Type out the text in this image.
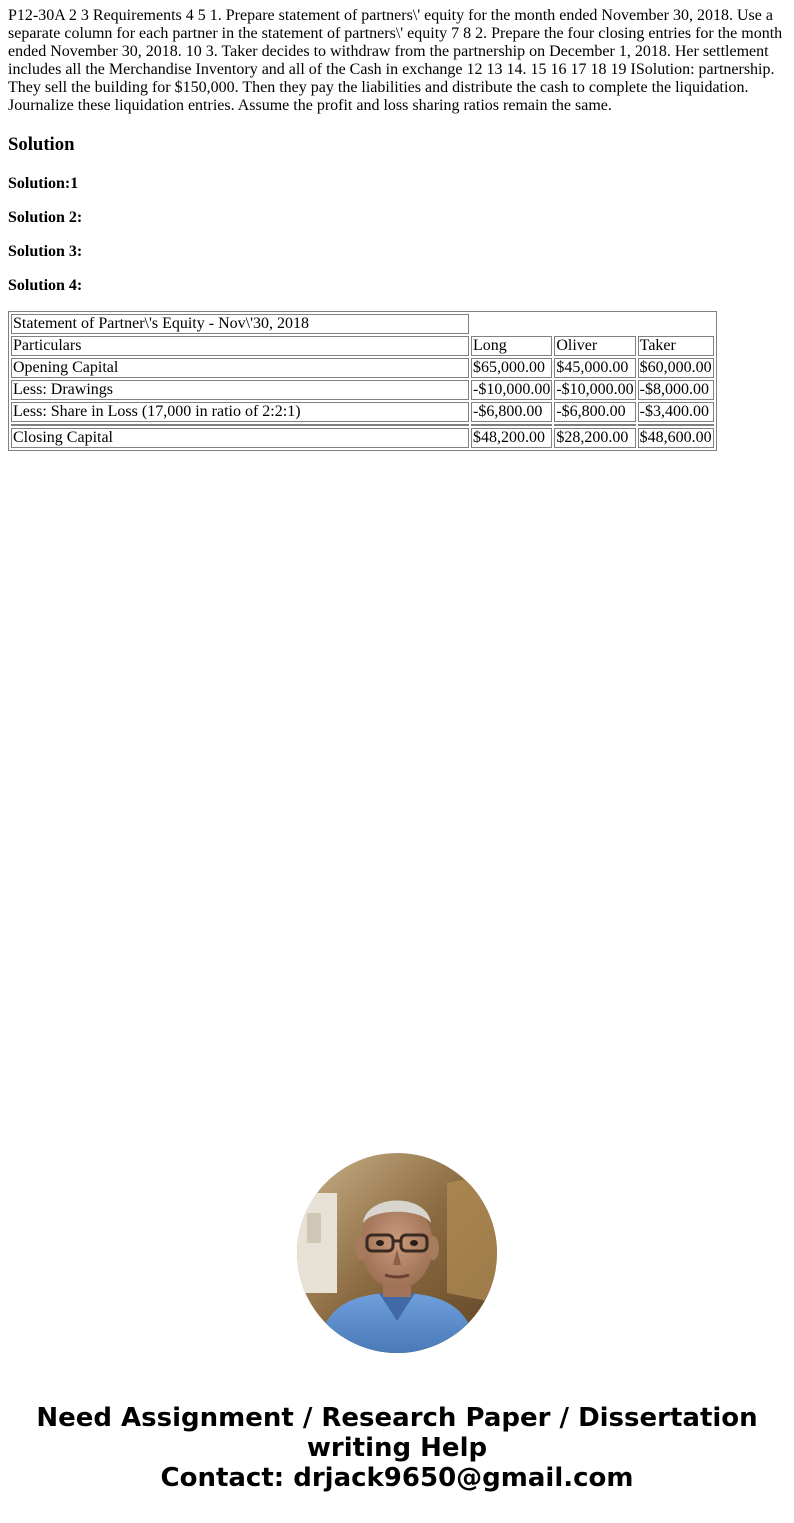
P12-30A 2 3 Requirements 4 5 1. Prepare statement of partners\' equity for the month ended November 30, 2018. Use a separate column for each partner in the statement of partners\' equity 7 8 2. Prepare the four closing entries for the month ended November 30, 2018. 10 3. Taker decides to withdraw from the partnership on December 1, 2018. Her settlement includes all the Merchandise Inventory and all of the Cash in exchange 12 13 14. 15 16 17 18 19 ISolution: partnership. They sell the building for $150,000. Then they pay the liabilities and distribute the cash to complete the liquidation. Journalize these liquidation entries. Assume the profit and loss sharing ratios remain the same.

Solution
Solution:1
Solution 2:
Solution 3:
Solution 4:
Statement of Partner\'s Equity - Nov\'30, 2018			
Particulars	Long	Oliver	Taker
Opening Capital	$65,000.00	$45,000.00	$60,000.00
Less: Drawings	-$10,000.00	-$10,000.00	-$8,000.00
Less: Share in Loss (17,000 in ratio of 2:2:1)	-$6,800.00	-$6,800.00	-$3,400.00

Closing Capital	$48,200.00	$28,200.00	$48,600.00
Need Assignment / Research Paper / Dissertation
writing Help
Contact: drjack9650@gmail.com
